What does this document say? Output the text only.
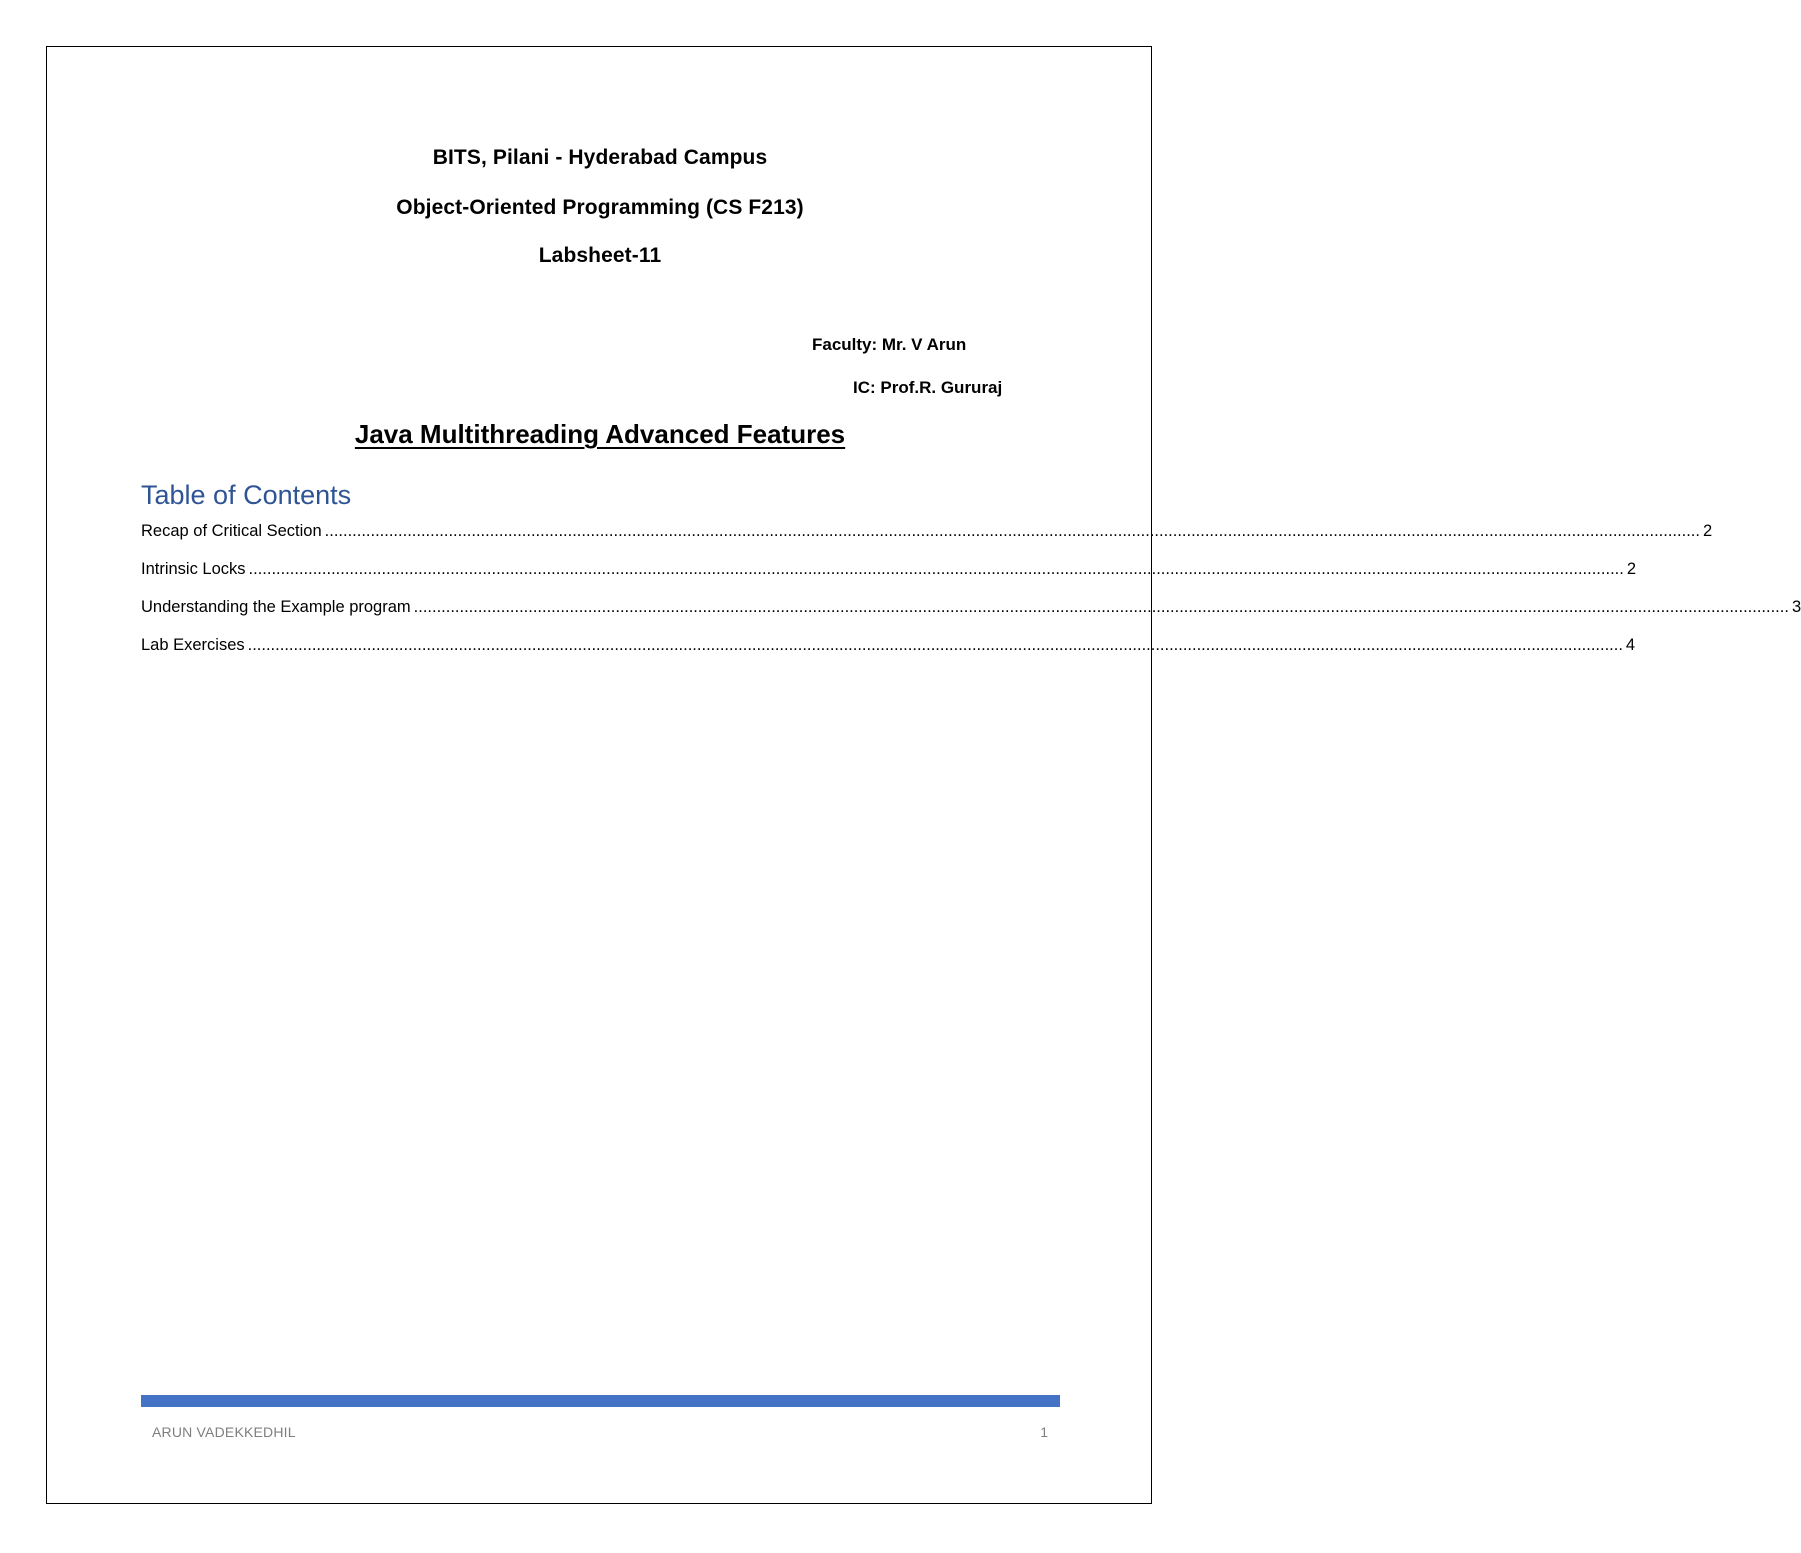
BITS, Pilani - Hyderabad Campus
Object-Oriented Programming (CS F213)
Labsheet-11
Faculty: Mr. V Arun
IC: Prof.R. Gururaj
Java Multithreading Advanced Features
Table of Contents
Recap of Critical Section ............................................................................................................................................................................................................................................................................................................ 2
Intrinsic Locks ............................................................................................................................................................................................................................................................................................................ 2
Understanding the Example program ............................................................................................................................................................................................................................................................................................................ 3
Lab Exercises ............................................................................................................................................................................................................................................................................................................ 4
ARUN VADEKKEDHIL	1
